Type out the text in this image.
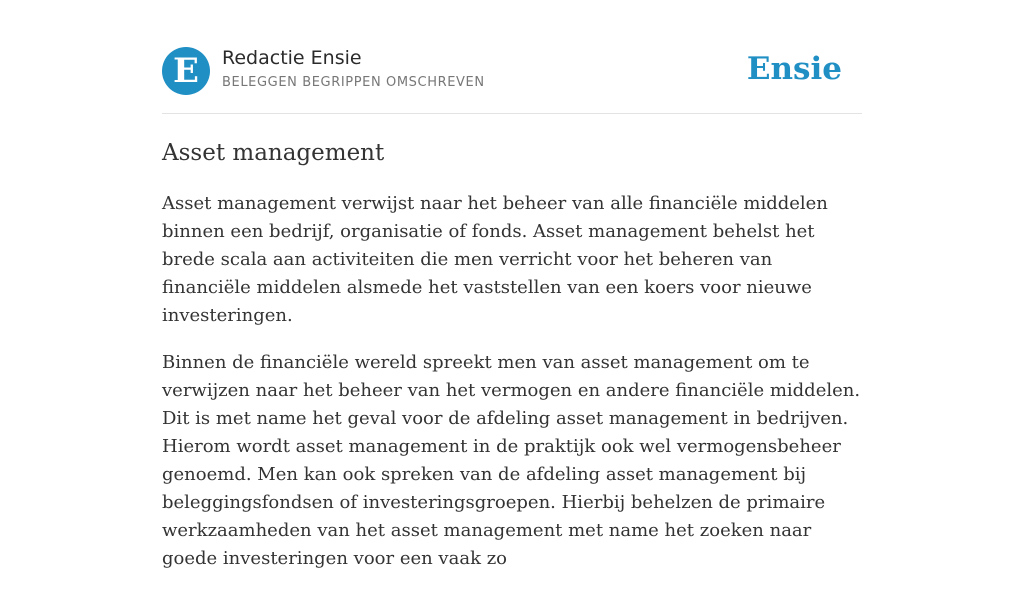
E	Redactie Ensie
BELEGGEN BEGRIPPEN OMSCHREVEN	Ensie
Asset management

Asset management verwijst naar het beheer van alle financiële middelen binnen een bedrijf, organisatie of fonds. Asset management behelst het brede scala aan activiteiten die men verricht voor het beheren van financiële middelen alsmede het vaststellen van een koers voor nieuwe investeringen.

Binnen de financiële wereld spreekt men van asset management om te verwijzen naar het beheer van het vermogen en andere financiële middelen. Dit is met name het geval voor de afdeling asset management in bedrijven. Hierom wordt asset management in de praktijk ook wel vermogensbeheer genoemd. Men kan ook spreken van de afdeling asset management bij beleggingsfondsen of investeringsgroepen. Hierbij behelzen de primaire werkzaamheden van het asset management met name het zoeken naar goede investeringen voor een vaak zo
